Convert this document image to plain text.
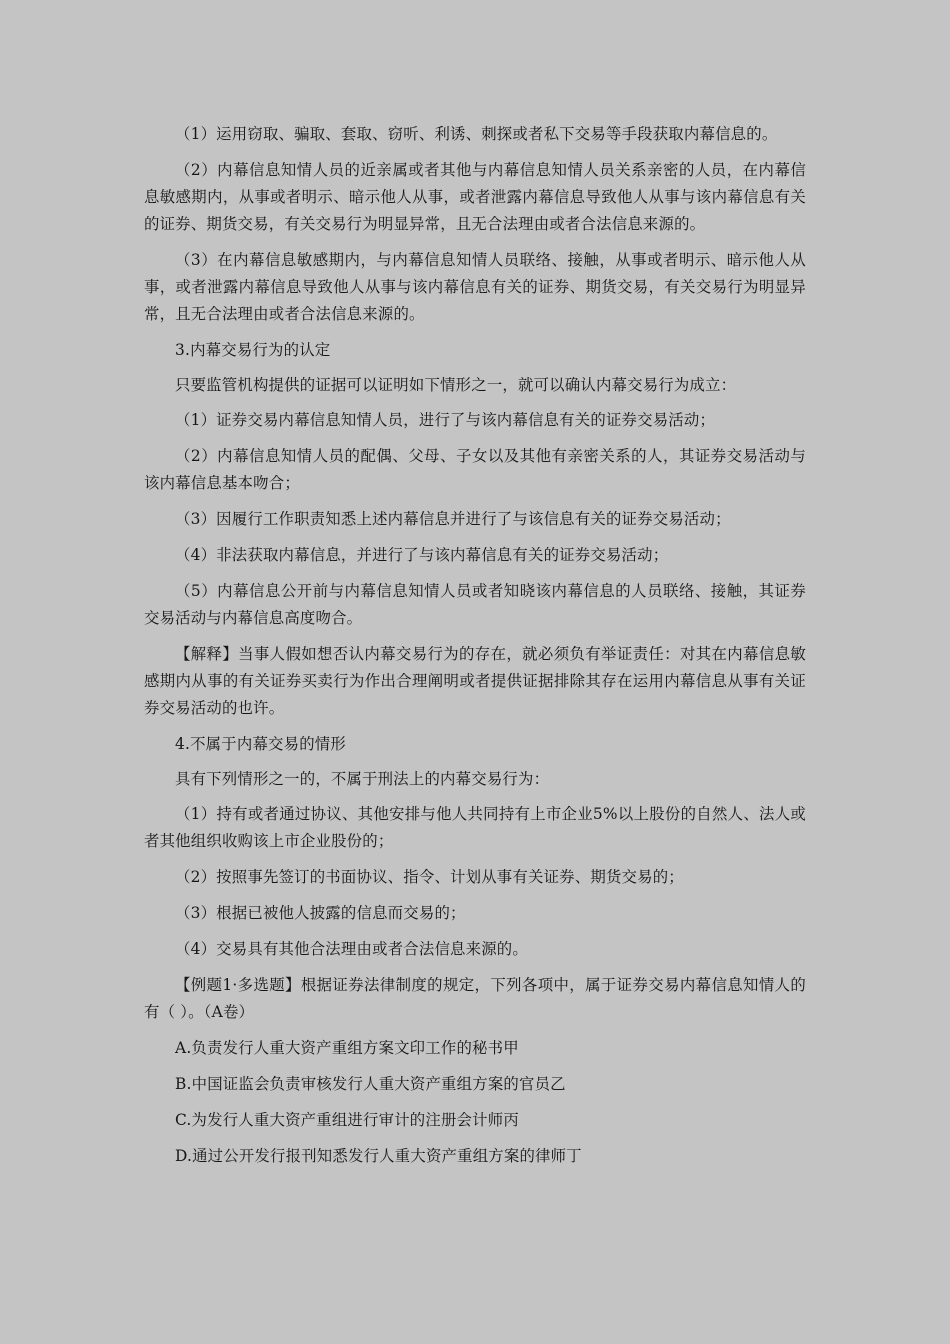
（1）运用窃取、骗取、套取、窃听、利诱、刺探或者私下交易等手段获取内幕信息的。

（2）内幕信息知情人员的近亲属或者其他与内幕信息知情人员关系亲密的人员，在内幕信息敏感期内，从事或者明示、暗示他人从事，或者泄露内幕信息导致他人从事与该内幕信息有关的证券、期货交易，有关交易行为明显异常，且无合法理由或者合法信息来源的。

（3）在内幕信息敏感期内，与内幕信息知情人员联络、接触，从事或者明示、暗示他人从事，或者泄露内幕信息导致他人从事与该内幕信息有关的证券、期货交易，有关交易行为明显异常，且无合法理由或者合法信息来源的。

3.内幕交易行为的认定

只要监管机构提供的证据可以证明如下情形之一，就可以确认内幕交易行为成立：

（1）证券交易内幕信息知情人员，进行了与该内幕信息有关的证券交易活动；

（2）内幕信息知情人员的配偶、父母、子女以及其他有亲密关系的人，其证券交易活动与该内幕信息基本吻合；

（3）因履行工作职责知悉上述内幕信息并进行了与该信息有关的证券交易活动；

（4）非法获取内幕信息，并进行了与该内幕信息有关的证券交易活动；

（5）内幕信息公开前与内幕信息知情人员或者知晓该内幕信息的人员联络、接触，其证券交易活动与内幕信息高度吻合。

【解释】当事人假如想否认内幕交易行为的存在，就必须负有举证责任：对其在内幕信息敏感期内从事的有关证券买卖行为作出合理阐明或者提供证据排除其存在运用内幕信息从事有关证券交易活动的也许。

4.不属于内幕交易的情形

具有下列情形之一的，不属于刑法上的内幕交易行为：

（1）持有或者通过协议、其他安排与他人共同持有上市企业5%以上股份的自然人、法人或者其他组织收购该上市企业股份的；

（2）按照事先签订的书面协议、指令、计划从事有关证券、期货交易的；

（3）根据已被他人披露的信息而交易的；

（4）交易具有其他合法理由或者合法信息来源的。

【例题1·多选题】根据证券法律制度的规定，下列各项中，属于证券交易内幕信息知情人的有（ ）。（A卷）

A.负责发行人重大资产重组方案文印工作的秘书甲

B.中国证监会负责审核发行人重大资产重组方案的官员乙

C.为发行人重大资产重组进行审计的注册会计师丙

D.通过公开发行报刊知悉发行人重大资产重组方案的律师丁
